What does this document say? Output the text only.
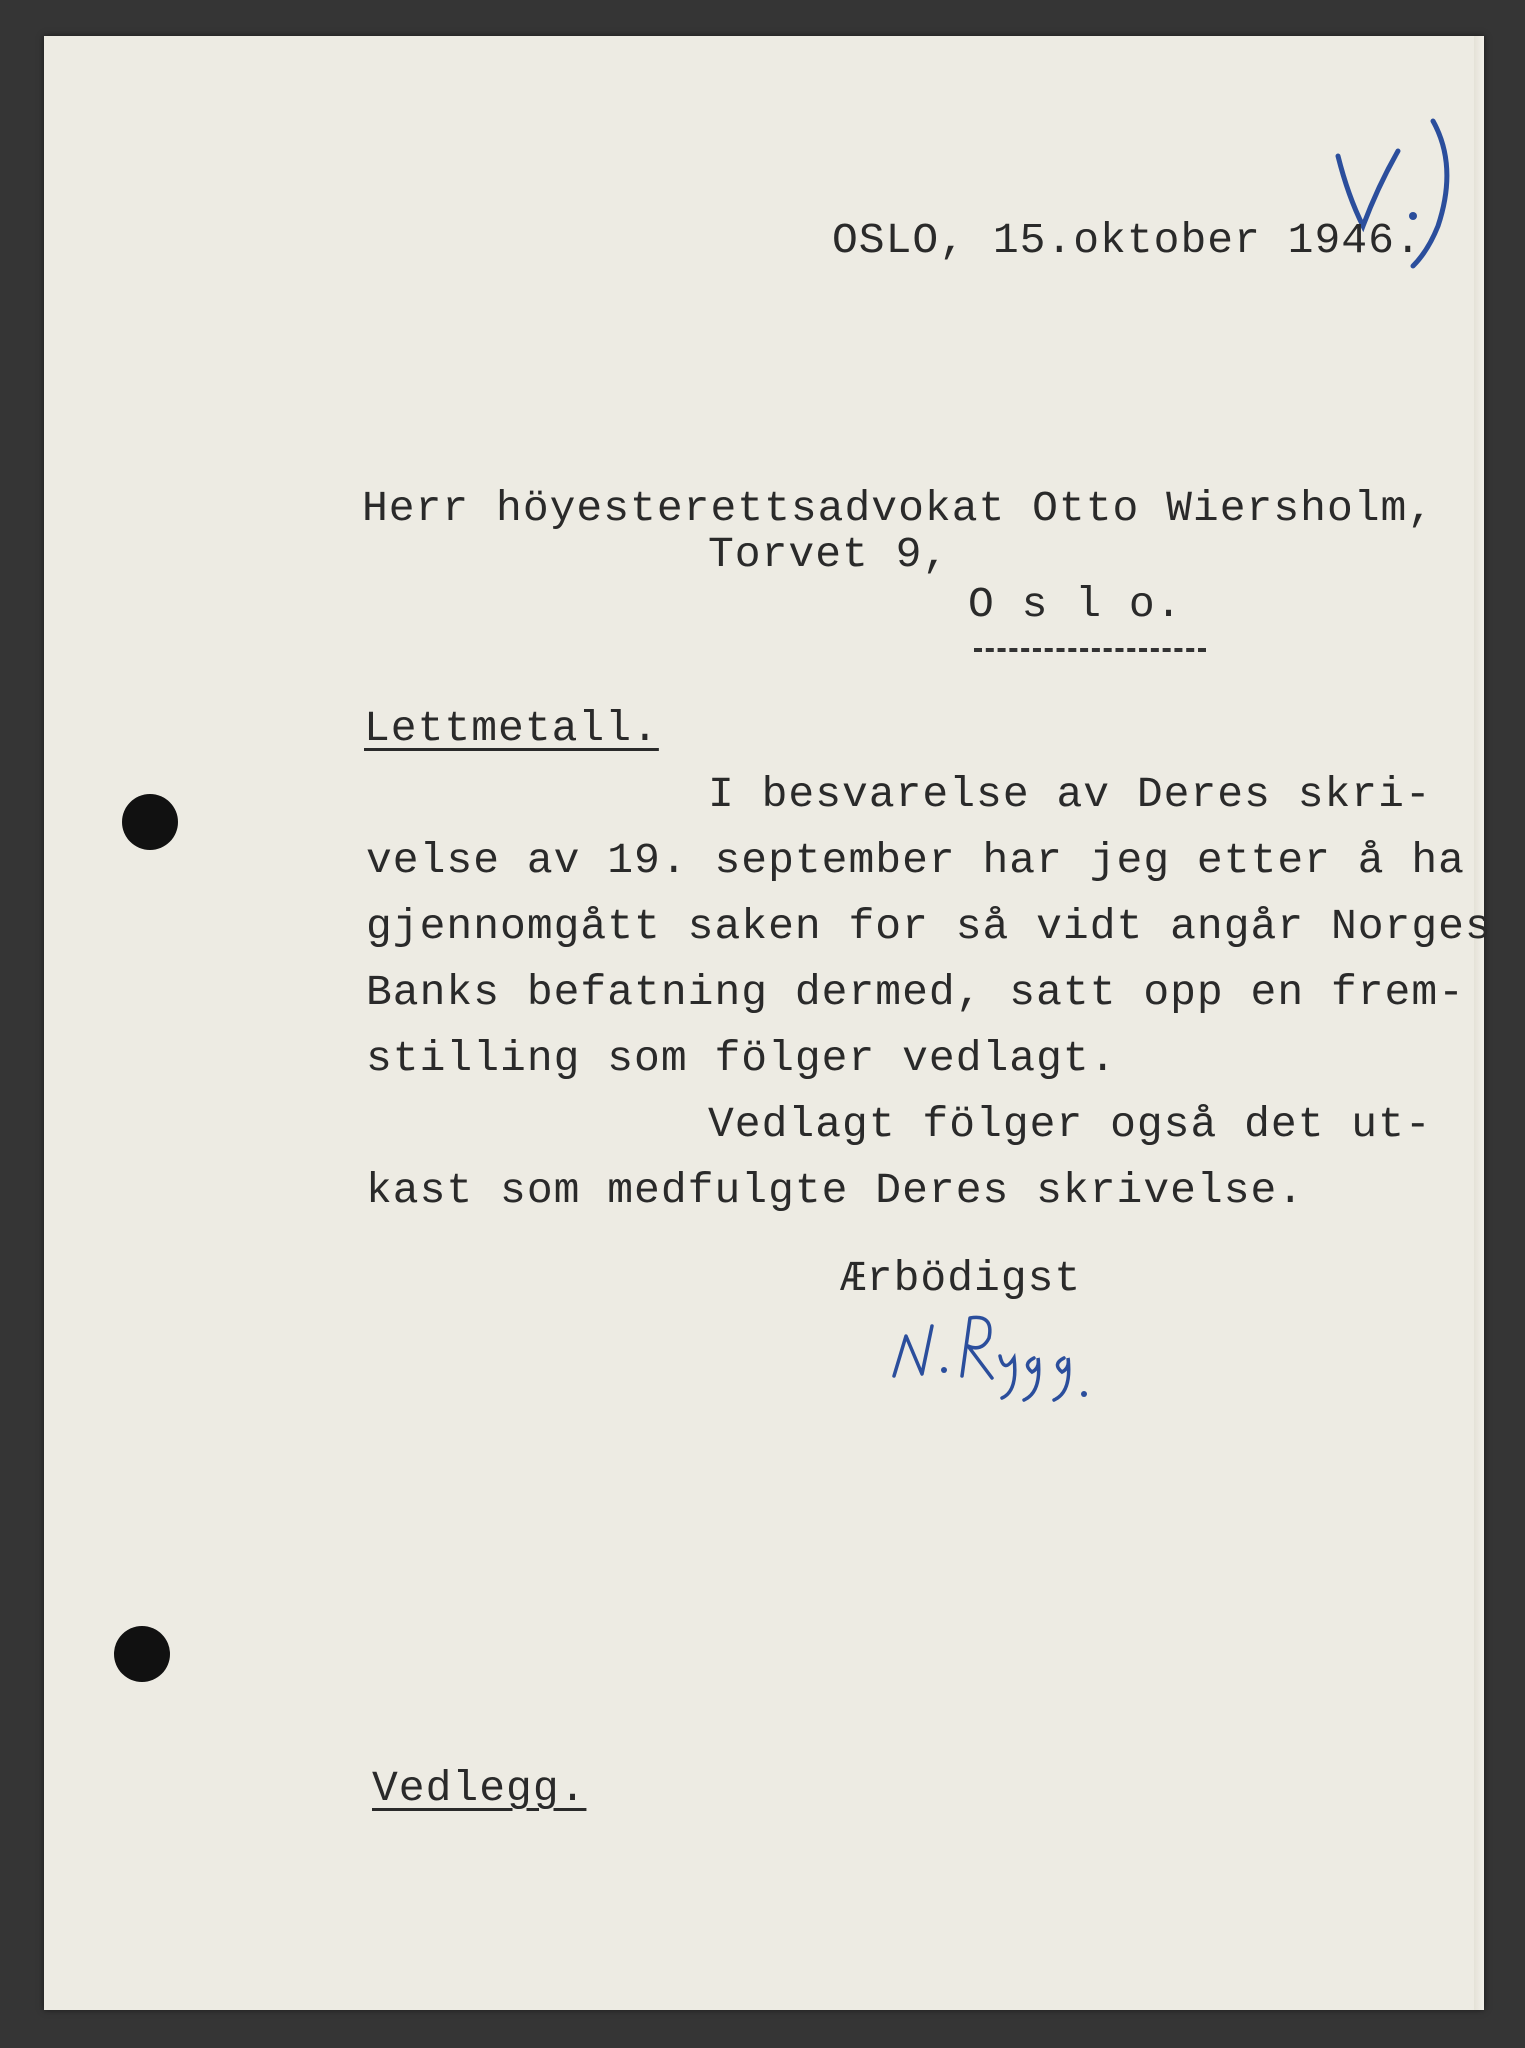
OSLO, 15.oktober 1946.

Herr höyesterettsadvokat Otto Wiersholm,

Torvet 9,

O s l o.

Lettmetall.

I besvarelse av Deres skri-

velse av 19. september har jeg etter å ha

gjennomgått saken for så vidt angår Norges

Banks befatning dermed, satt opp en frem-

stilling som fölger vedlagt.

Vedlagt fölger også det ut-

kast som medfulgte Deres skrivelse.

Ærbödigst

Vedlegg.
